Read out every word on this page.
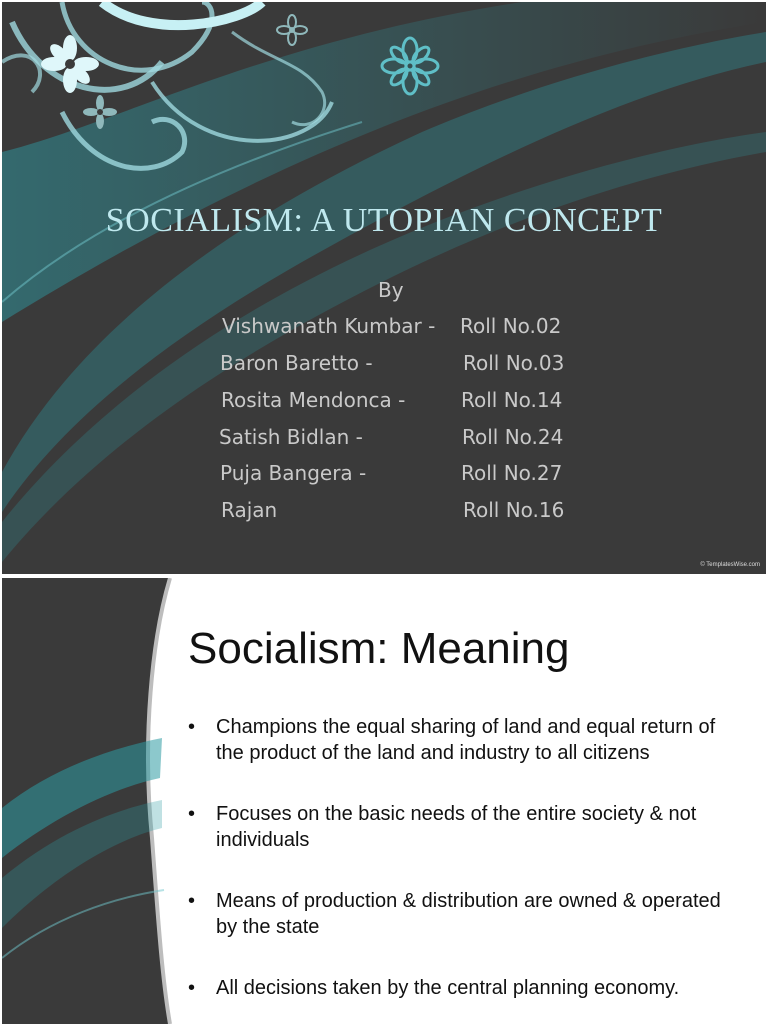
SOCIALISM: A UTOPIAN CONCEPT
By
Vishwanath Kumbar - Roll No.02
Baron Baretto -	Roll No.03
Rosita Mendonca -	Roll No.14
Satish Bidlan -	Roll No.24
Puja Bangera -	Roll No.27
Rajan	Roll No.16
© TemplatesWise.com
Socialism: Meaning
• Champions the equal sharing of land and equal return of the product of the land and industry to all citizens
• Focuses on the basic needs of the entire society & not individuals
• Means of production & distribution are owned & operated by the state
• All decisions taken by the central planning economy.
